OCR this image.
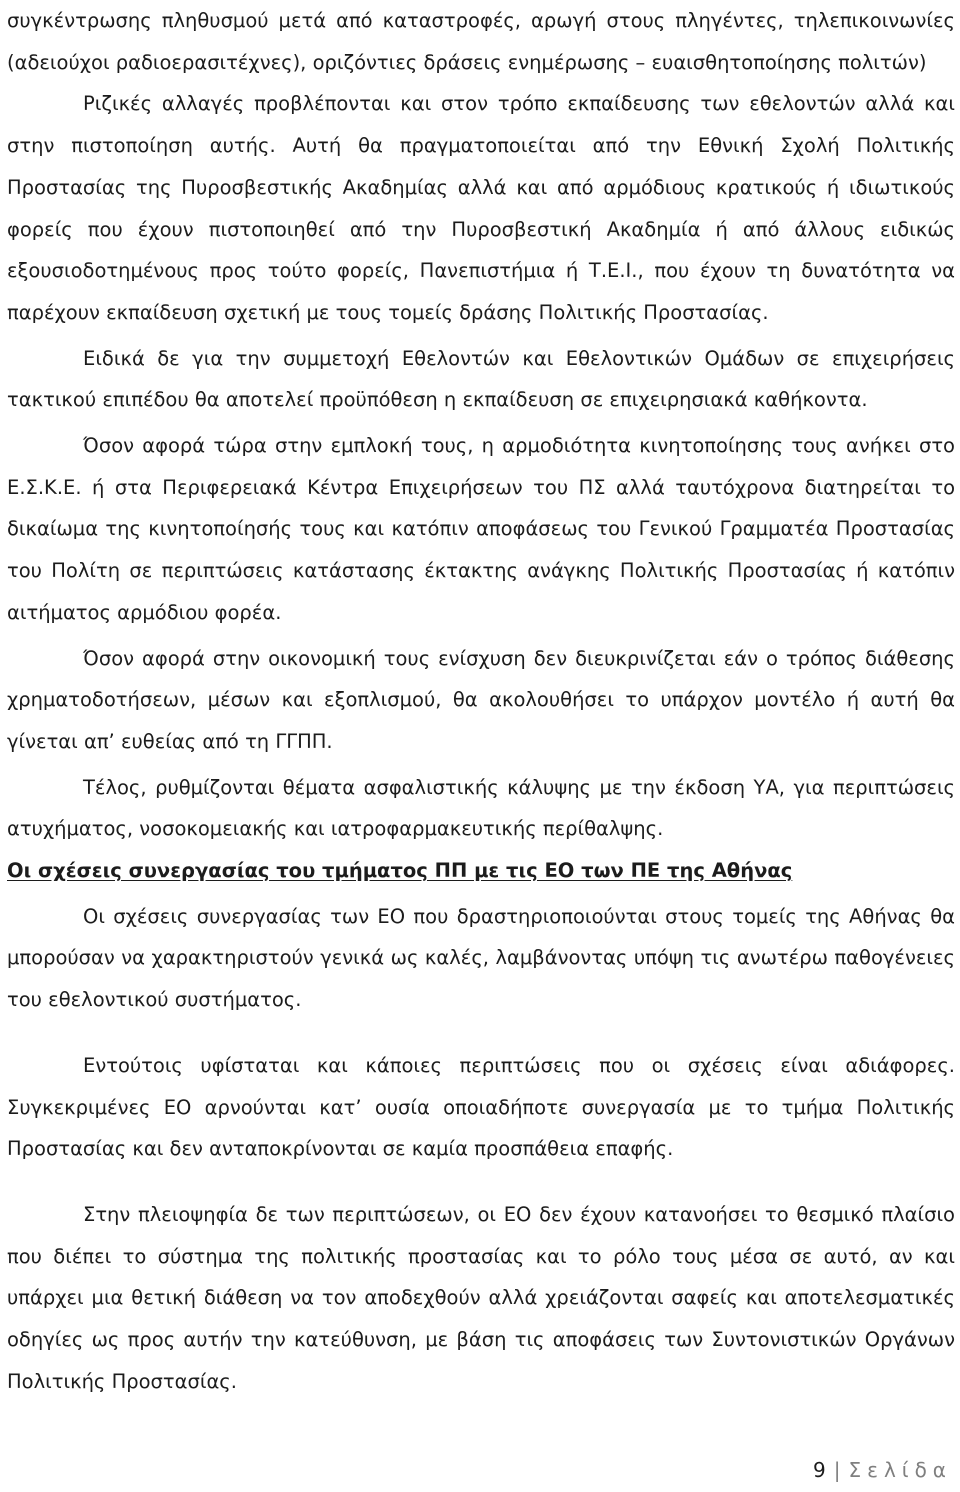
συγκέντρωσης πληθυσμού μετά από καταστροφές, αρωγή στους πληγέντες, τηλεπικοινωνίες (αδειούχοι ραδιοερασιτέχνες), οριζόντιες δράσεις ενημέρωσης – ευαισθητοποίησης πολιτών)

Ριζικές αλλαγές προβλέπονται και στον τρόπο εκπαίδευσης των εθελοντών αλλά και στην πιστοποίηση αυτής. Αυτή θα πραγματοποιείται από την Εθνική Σχολή Πολιτικής Προστασίας της Πυροσβεστικής Ακαδημίας αλλά και από αρμόδιους κρατικούς ή ιδιωτικούς φορείς που έχουν πιστοποιηθεί από την Πυροσβεστική Ακαδημία ή από άλλους ειδικώς εξουσιοδοτημένους προς τούτο φορείς, Πανεπιστήμια ή Τ.Ε.Ι., που έχουν τη δυνατότητα να παρέχουν εκπαίδευση σχετική με τους τομείς δράσης Πολιτικής Προστασίας.

Ειδικά δε για την συμμετοχή Εθελοντών και Εθελοντικών Ομάδων σε επιχειρήσεις τακτικού επιπέδου θα αποτελεί προϋπόθεση η εκπαίδευση σε επιχειρησιακά καθήκοντα.

Όσον αφορά τώρα στην εμπλοκή τους, η αρμοδιότητα κινητοποίησης τους ανήκει στο Ε.Σ.Κ.Ε. ή στα Περιφερειακά Κέντρα Επιχειρήσεων του ΠΣ αλλά ταυτόχρονα διατηρείται το δικαίωμα της κινητοποίησής τους και κατόπιν αποφάσεως του Γενικού Γραμματέα Προστασίας του Πολίτη σε περιπτώσεις κατάστασης έκτακτης ανάγκης Πολιτικής Προστασίας ή κατόπιν αιτήματος αρμόδιου φορέα.

Όσον αφορά στην οικονομική τους ενίσχυση δεν διευκρινίζεται εάν ο τρόπος διάθεσης χρηματοδοτήσεων, μέσων και εξοπλισμού, θα ακολουθήσει το υπάρχον μοντέλο ή αυτή θα γίνεται απ’ ευθείας από τη ΓΓΠΠ.

Τέλος, ρυθμίζονται θέματα ασφαλιστικής κάλυψης με την έκδοση ΥΑ, για περιπτώσεις ατυχήματος, νοσοκομειακής και ιατροφαρμακευτικής περίθαλψης.

Οι σχέσεις συνεργασίας του τμήματος ΠΠ με τις ΕΟ των ΠΕ της Αθήνας

Οι σχέσεις συνεργασίας των ΕΟ που δραστηριοποιούνται στους τομείς της Αθήνας θα μπορούσαν να χαρακτηριστούν γενικά ως καλές, λαμβάνοντας υπόψη τις ανωτέρω παθογένειες του εθελοντικού συστήματος.

Εντούτοις υφίσταται και κάποιες περιπτώσεις που οι σχέσεις είναι αδιάφορες. Συγκεκριμένες ΕΟ αρνούνται κατ’ ουσία οποιαδήποτε συνεργασία με το τμήμα Πολιτικής Προστασίας και δεν ανταποκρίνονται σε καμία προσπάθεια επαφής.

Στην πλειοψηφία δε των περιπτώσεων, οι ΕΟ δεν έχουν κατανοήσει το θεσμικό πλαίσιο που διέπει το σύστημα της πολιτικής προστασίας και το ρόλο τους μέσα σε αυτό, αν και υπάρχει μια θετική διάθεση να τον αποδεχθούν αλλά χρειάζονται σαφείς και αποτελεσματικές οδηγίες ως προς αυτήν την κατεύθυνση, με βάση τις αποφάσεις των Συντονιστικών Οργάνων Πολιτικής Προστασίας.

9 | Σελίδα
